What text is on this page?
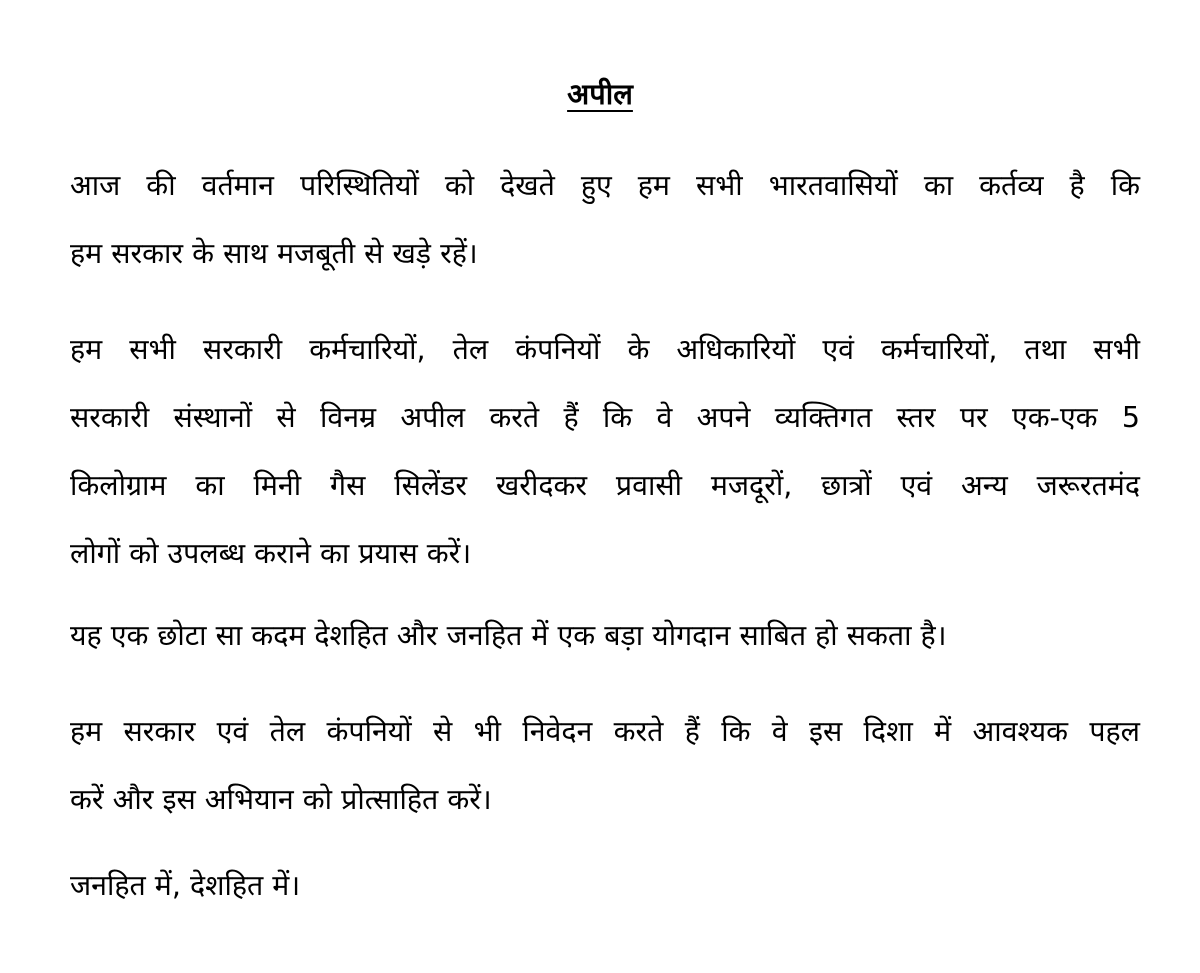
अपील

आज की वर्तमान परिस्थितियों को देखते हुए हम सभी भारतवासियों का कर्तव्य है कि
हम सरकार के साथ मजबूती से खड़े रहें।

हम सभी सरकारी कर्मचारियों, तेल कंपनियों के अधिकारियों एवं कर्मचारियों, तथा सभी
सरकारी संस्थानों से विनम्र अपील करते हैं कि वे अपने व्यक्तिगत स्तर पर एक-एक 5
किलोग्राम का मिनी गैस सिलेंडर खरीदकर प्रवासी मजदूरों, छात्रों एवं अन्य जरूरतमंद
लोगों को उपलब्ध कराने का प्रयास करें।

यह एक छोटा सा कदम देशहित और जनहित में एक बड़ा योगदान साबित हो सकता है।

हम सरकार एवं तेल कंपनियों से भी निवेदन करते हैं कि वे इस दिशा में आवश्यक पहल
करें और इस अभियान को प्रोत्साहित करें।

जनहित में, देशहित में।
